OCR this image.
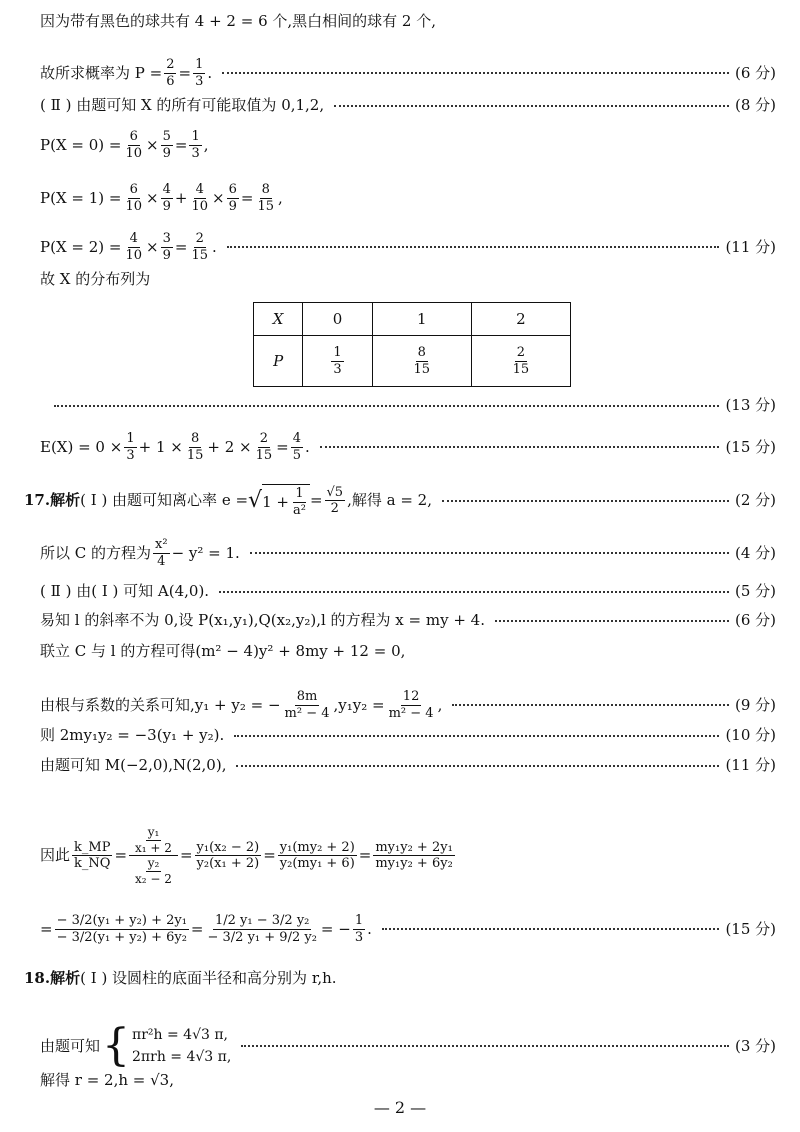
因为带有黑色的球共有 4 + 2 = 6 个,黑白相间的球有 2 个,
故所求概率为 $P = \frac{2}{6} = \frac{1}{3}$ .	(6 分)
( Ⅱ ) 由题可知 X 的所有可能取值为 0,1,2,	(8 分)
$P(X = 0) = \frac{6}{10} \times \frac{5}{9} = \frac{1}{3}$ ,
$P(X = 1) = \frac{6}{10} \times \frac{4}{9} + \frac{4}{10} \times \frac{6}{9} = \frac{8}{15}$ ,
$P(X = 2) = \frac{4}{10} \times \frac{3}{9} = \frac{2}{15}$ .	(11 分)
故 X 的分布列为
X	0	1	2
P	$\frac{1}{3}$	$\frac{8}{15}$	$\frac{2}{15}$
(13 分)
$E(X) = 0 \times \frac{1}{3} + 1 \times \frac{8}{15} + 2 \times \frac{2}{15} = \frac{4}{5}$ .	(15 分)
17. 解析 ( Ⅰ ) 由题可知离心率 e = √ $1 + \frac{1}{\text{a²}} = \frac{√5}{2}$ ,解得 a = 2,	(2 分)
所以 C 的方程为 $\frac{\text{x²}}{4} - y^2 = 1$.	(4 分)
( Ⅱ ) 由( Ⅰ ) 可知 A(4,0).	(5 分)
易知 l 的斜率不为 0,设 P(x₁,y₁),Q(x₂,y₂),l 的方程为 x = my + 4.	(6 分)
联立 C 与 l 的方程可得(m² − 4)y² + 8my + 12 = 0,
由根与系数的关系可知,y₁ + y₂ = − $\frac{8m}{\text{m² − 4}} ,y_1y_2 = \frac{12}{\text{m² − 4}}$ ,	(9 分)
则 2my₁y₂ = −3(y₁ + y₂).	(10 分)
由题可知 M(−2,0),N(2,0),	(11 分)
因此 $\frac{k\_MP}{k\_NQ} = \frac{\frac{\text{y₁}}{\text{x₁ + 2}}}{\frac{\text{y₂}}{\text{x₂ − 2}}} = \frac{\text{y₁(x₂ − 2)}}{\text{y₂(x₁ + 2)}} = \frac{\text{y₁(my₂ + 2)}}{\text{y₂(my₁ + 6)}} = \frac{\text{my₁y₂ + 2y₁}}{\text{my₁y₂ + 6y₂}}$
= $\frac{\text{− 3/2(y₁ + y₂) + 2y₁}}{\text{− 3/2(y₁ + y₂) + 6y₂}} = \frac{\text{1/2 y₁ − 3/2 y₂}}{\text{− 3/2 y₁ + 9/2 y₂}}$ = − $\frac{1}{3}$ .	(15 分)
18. 解析 ( Ⅰ ) 设圆柱的底面半径和高分别为 r,h.
由题可知 { πr²h = 4√3 π,
2πrh = 4√3 π,
(3 分)
解得 r = 2,h = √3,
— 2 —
